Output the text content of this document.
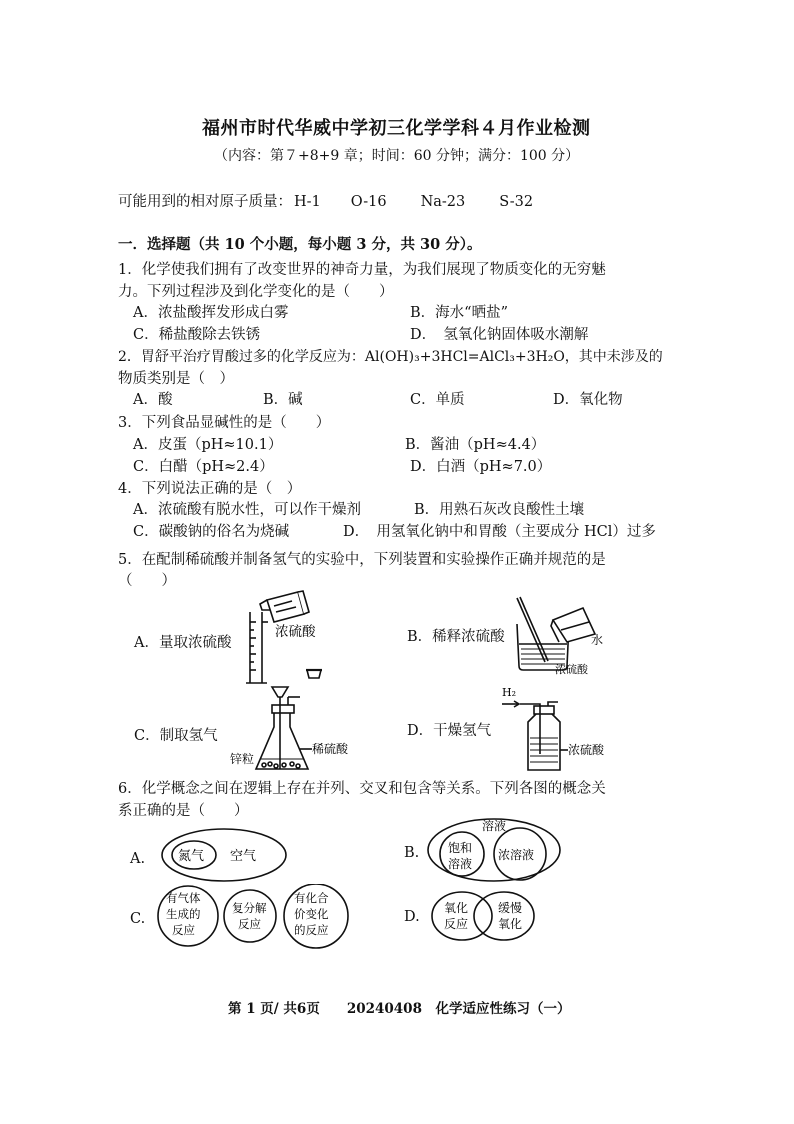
福州市时代华威中学初三化学学科４月作业检测
（内容：第７+8+9 章；时间：60 分钟；满分：100 分）
可能用到的相对原子质量： H-1 O-16 Na-23 S-32
一．选择题（共 10 个小题，每小题 3 分，共 30 分）。
1．化学使我们拥有了改变世界的神奇力量，为我们展现了物质变化的无穷魅
力。下列过程涉及到化学变化的是（　　）
A．浓盐酸挥发形成白雾	B．海水“晒盐”
C．稀盐酸除去铁锈	D．　氢氧化钠固体吸水潮解
2．胃舒平治疗胃酸过多的化学反应为：Al(OH)₃+3HCl=AlCl₃+3H₂O，其中未涉及的
物质类别是（　）
A．酸	B．碱	C．单质	D．氧化物
3．下列食品显碱性的是（　　）
A．皮蛋（pH≈10.1）	B．酱油（pH≈4.4）
C．白醋（pH≈2.4）	D．白酒（pH≈7.0）
4．下列说法正确的是（　）
A．浓硫酸有脱水性，可以作干燥剂	B．用熟石灰改良酸性土壤
C．碳酸钠的俗名为烧碱	D．　用氢氧化钠中和胃酸（主要成分 HCl）过多
5．在配制稀硫酸并制备氢气的实验中，下列装置和实验操作正确并规范的是
（　　）
A．量取浓硫酸	B．稀释浓硫酸
C．制取氢气	D．干燥氢气
浓硫酸	水
浓硫酸
锌粒
稀硫酸
H₂
浓硫酸
6．化学概念之间在逻辑上存在并列、交叉和包含等关系。下列各图的概念关
系正确的是（　　）
A.	氮气 空气	B.
溶液
饱和
溶液
浓溶液
C.
有气体
生成的
反应
复分解
反应
有化合
价变化
的反应
D.
氧化
反应
缓慢
氧化
第 1 页/ 共6页　　20240408　化学适应性练习（一）
